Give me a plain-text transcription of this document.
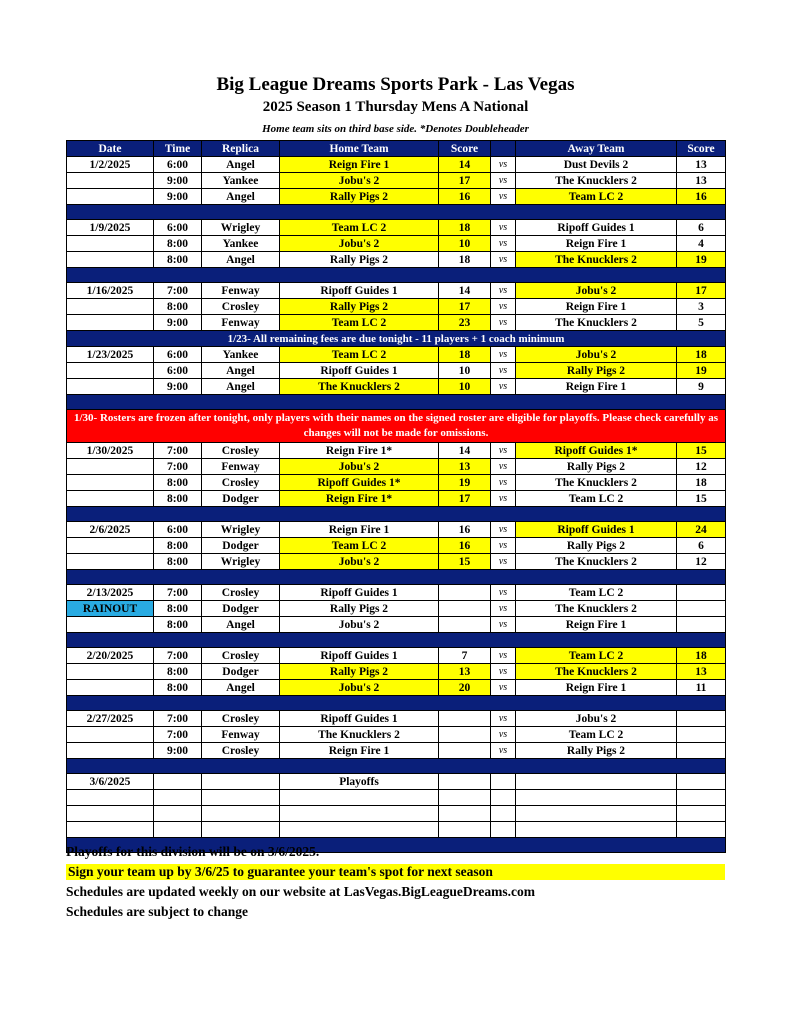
Big League Dreams Sports Park - Las Vegas
2025 Season 1 Thursday Mens A National
Home team sits on third base side. *Denotes Doubleheader
Date	Time	Replica	Home Team	Score		Away Team	Score
1/2/2025	6:00	Angel	Reign Fire 1	14	vs	Dust Devils 2	13
	9:00	Yankee	Jobu's 2	17	vs	The Knucklers 2	13
	9:00	Angel	Rally Pigs 2	16	vs	Team LC 2	16

1/9/2025	6:00	Wrigley	Team LC 2	18	vs	Ripoff Guides 1	6
	8:00	Yankee	Jobu's 2	10	vs	Reign Fire 1	4
	8:00	Angel	Rally Pigs 2	18	vs	The Knucklers 2	19

1/16/2025	7:00	Fenway	Ripoff Guides 1	14	vs	Jobu's 2	17
	8:00	Crosley	Rally Pigs 2	17	vs	Reign Fire 1	3
	9:00	Fenway	Team LC 2	23	vs	The Knucklers 2	5
1/23- All remaining fees are due tonight - 11 players + 1 coach minimum							
1/23/2025	6:00	Yankee	Team LC 2	18	vs	Jobu's 2	18
	6:00	Angel	Ripoff Guides 1	10	vs	Rally Pigs 2	19
	9:00	Angel	The Knucklers 2	10	vs	Reign Fire 1	9

1/30- Rosters are frozen after tonight, only players with their names on the signed roster are eligible for playoffs. Please check carefully as changes will not be made for omissions.							
1/30/2025	7:00	Crosley	Reign Fire 1*	14	vs	Ripoff Guides 1*	15
	7:00	Fenway	Jobu's 2	13	vs	Rally Pigs 2	12
	8:00	Crosley	Ripoff Guides 1*	19	vs	The Knucklers 2	18
	8:00	Dodger	Reign Fire 1*	17	vs	Team LC 2	15

2/6/2025	6:00	Wrigley	Reign Fire 1	16	vs	Ripoff Guides 1	24
	8:00	Dodger	Team LC 2	16	vs	Rally Pigs 2	6
	8:00	Wrigley	Jobu's 2	15	vs	The Knucklers 2	12

2/13/2025	7:00	Crosley	Ripoff Guides 1		vs	Team LC 2	
RAINOUT	8:00	Dodger	Rally Pigs 2		vs	The Knucklers 2	
	8:00	Angel	Jobu's 2		vs	Reign Fire 1	

2/20/2025	7:00	Crosley	Ripoff Guides 1	7	vs	Team LC 2	18
	8:00	Dodger	Rally Pigs 2	13	vs	The Knucklers 2	13
	8:00	Angel	Jobu's 2	20	vs	Reign Fire 1	11

2/27/2025	7:00	Crosley	Ripoff Guides 1		vs	Jobu's 2	
	7:00	Fenway	The Knucklers 2		vs	Team LC 2	
	9:00	Crosley	Reign Fire 1		vs	Rally Pigs 2	

3/6/2025			Playoffs				

Playoffs for this division will be on 3/6/2025.
Sign your team up by 3/6/25 to guarantee your team's spot for next season
Schedules are updated weekly on our website at LasVegas.BigLeagueDreams.com
Schedules are subject to change
